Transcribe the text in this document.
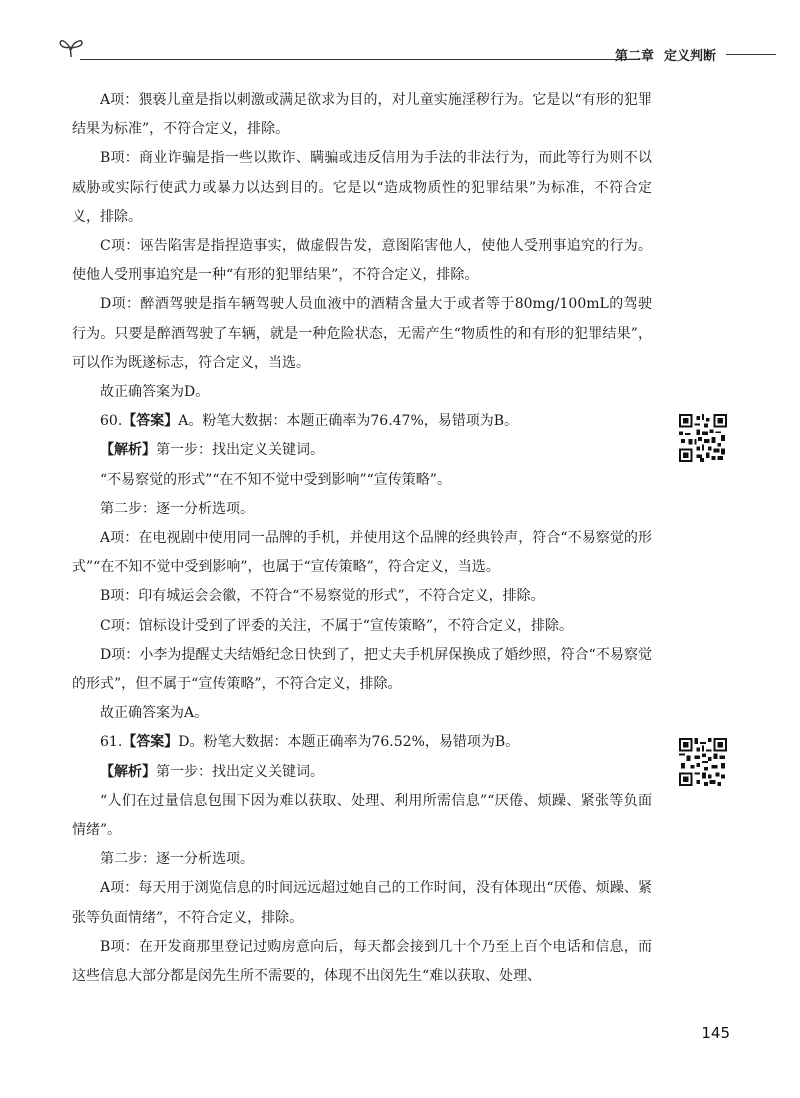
第二章 定义判断

A项：猥亵儿童是指以刺激或满足欲求为目的，对儿童实施淫秽行为。它是以“有形的犯罪结果为标准”，不符合定义，排除。

B项：商业诈骗是指一些以欺诈、瞒骗或违反信用为手法的非法行为，而此等行为则不以威胁或实际行使武力或暴力以达到目的。它是以“造成物质性的犯罪结果”为标准，不符合定义，排除。

C项：诬告陷害是指捏造事实，做虚假告发，意图陷害他人，使他人受刑事追究的行为。使他人受刑事追究是一种“有形的犯罪结果”，不符合定义，排除。

D项：醉酒驾驶是指车辆驾驶人员血液中的酒精含量大于或者等于80mg/100mL的驾驶行为。只要是醉酒驾驶了车辆，就是一种危险状态，无需产生“物质性的和有形的犯罪结果”，可以作为既遂标志，符合定义，当选。

故正确答案为D。

60.【答案】A。粉笔大数据：本题正确率为76.47%，易错项为B。

【解析】第一步：找出定义关键词。

“不易察觉的形式”“在不知不觉中受到影响”“宣传策略”。

第二步：逐一分析选项。

A项：在电视剧中使用同一品牌的手机，并使用这个品牌的经典铃声，符合“不易察觉的形式”“在不知不觉中受到影响”，也属于“宣传策略”，符合定义，当选。

B项：印有城运会会徽，不符合“不易察觉的形式”，不符合定义，排除。

C项：馆标设计受到了评委的关注，不属于“宣传策略”，不符合定义，排除。

D项：小李为提醒丈夫结婚纪念日快到了，把丈夫手机屏保换成了婚纱照，符合“不易察觉的形式”，但不属于“宣传策略”，不符合定义，排除。

故正确答案为A。

61.【答案】D。粉笔大数据：本题正确率为76.52%，易错项为B。

【解析】第一步：找出定义关键词。

“人们在过量信息包围下因为难以获取、处理、利用所需信息”“厌倦、烦躁、紧张等负面情绪”。

第二步：逐一分析选项。

A项：每天用于浏览信息的时间远远超过她自己的工作时间，没有体现出“厌倦、烦躁、紧张等负面情绪”，不符合定义，排除。

B项：在开发商那里登记过购房意向后，每天都会接到几十个乃至上百个电话和信息，而这些信息大部分都是闵先生所不需要的，体现不出闵先生“难以获取、处理、

145
